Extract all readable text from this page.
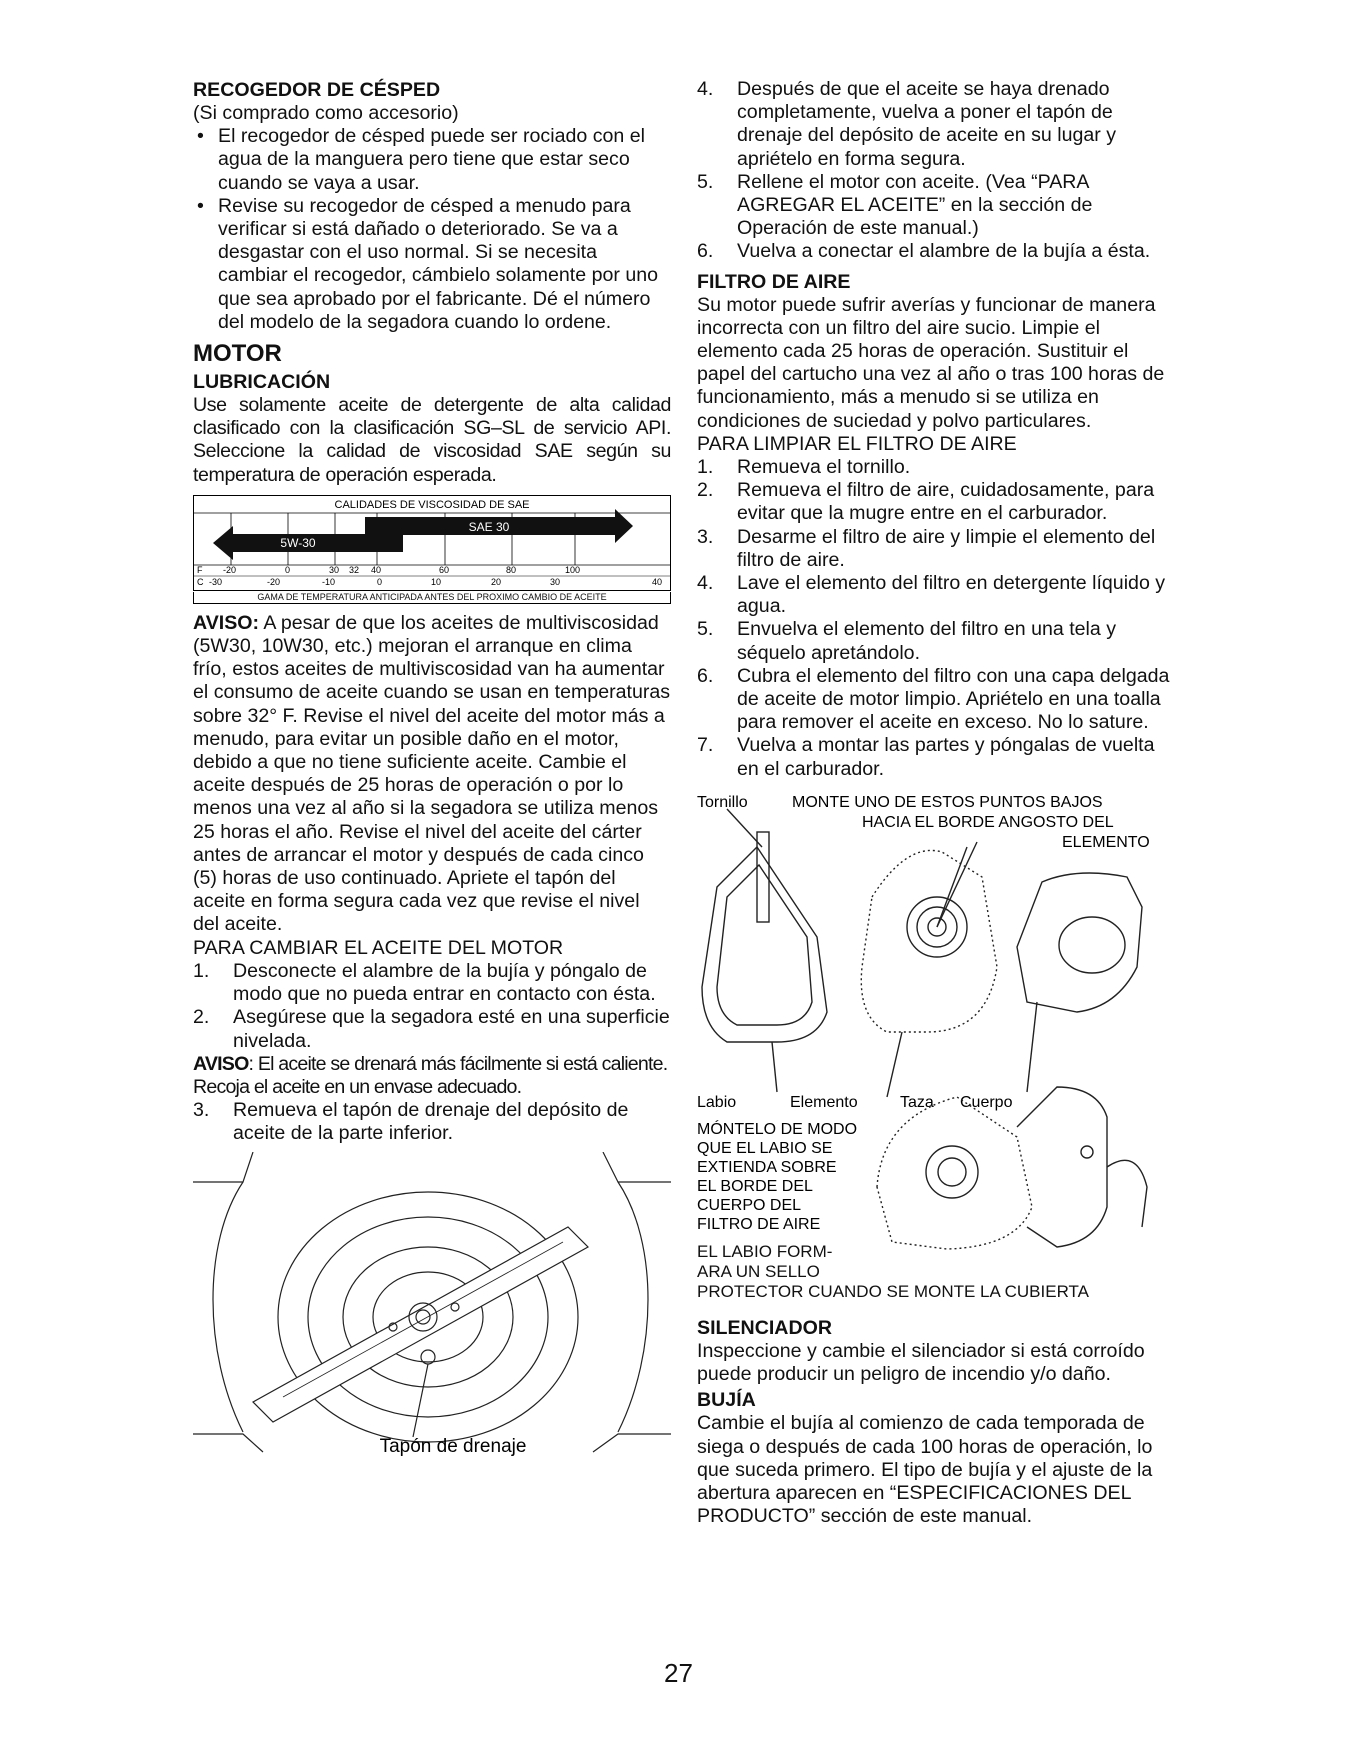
RECOGEDOR DE CÉSPED

(Si comprado como accesorio)

• El recogedor de césped puede ser rociado con el agua de la manguera pero tiene que estar seco cuando se vaya a usar.
• Revise su recogedor de césped a menudo para verificar si está dañado o deteriorado. Se va a desgastar con el uso normal. Si se necesita cambiar el recogedor, cámbielo solamente por uno que sea aprobado por el fabricante. Dé el número del modelo de la segadora cuando lo ordene.

MOTOR

LUBRICACIÓN

Use solamente aceite de detergente de alta calidad clasificado con la clasificación SG–SL de servicio API. Seleccione la calidad de viscosidad SAE según su temperatura de operación esperada.

CALIDADES DE VISCOSIDAD DE SAE
SAE 30
5W-30
F -20	0	30 32 40	60	80	100
C -30	-20	-10	0	10	20	30	40
GAMA DE TEMPERATURA ANTICIPADA ANTES DEL PROXIMO CAMBIO DE ACEITE

AVISO: A pesar de que los aceites de multiviscosidad (5W30, 10W30, etc.) mejoran el arranque en clima frío, estos aceites de multiviscosidad van ha aumentar el consumo de aceite cuando se usan en temperaturas sobre 32° F. Revise el nivel del aceite del motor más a menudo, para evitar un posible daño en el motor, debido a que no tiene suficiente aceite. Cambie el aceite después de 25 horas de operación o por lo menos una vez al año si la segadora se utiliza menos 25 horas el año. Revise el nivel del aceite del cárter antes de arrancar el motor y después de cada cinco (5) horas de uso continuado. Apriete el tapón del aceite en forma segura cada vez que revise el nivel del aceite.

PARA CAMBIAR EL ACEITE DEL MOTOR

1. Desconecte el alambre de la bujía y póngalo de modo que no pueda entrar en contacto con ésta.
2. Asegúrese que la segadora esté en una superficie nivelada.

AVISO: El aceite se drenará más fácilmente si está caliente. Recoja el aceite en un envase adecuado.

3. Remueva el tapón de drenaje del depósito de aceite de la parte inferior.
Tapón de drenaje
4. Después de que el aceite se haya drenado completamente, vuelva a poner el tapón de drenaje del depósito de aceite en su lugar y apriételo en forma segura.
5. Rellene el motor con aceite. (Vea “PARA AGREGAR EL ACEITE” en la sección de Operación de este manual.)
6. Vuelva a conectar el alambre de la bujía a ésta.

FILTRO DE AIRE

Su motor puede sufrir averías y funcionar de manera incorrecta con un filtro del aire sucio. Limpie el elemento cada 25 horas de operación. Sustituir el papel del cartucho una vez al año o tras 100 horas de funcionamiento, más a menudo si se utiliza en condiciones de suciedad y polvo particulares.

PARA LIMPIAR EL FILTRO DE AIRE

1. Remueva el tornillo.
2. Remueva el filtro de aire, cuidadosamente, para evitar que la mugre entre en el carburador.
3. Desarme el filtro de aire y limpie el elemento del filtro de aire.
4. Lave el elemento del filtro en detergente líquido y agua.
5. Envuelva el elemento del filtro en una tela y séquelo apretándolo.
6. Cubra el elemento del filtro con una capa delgada de aceite de motor limpio. Apriételo en una toalla para remover el aceite en exceso. No lo sature.
7. Vuelva a montar las partes y póngalas de vuelta en el carburador.
Tornillo	MONTE UNO DE ESTOS PUNTOS BAJOS
HACIA EL BORDE ANGOSTO DEL
ELEMENTO
Labio	Elemento	Taza Cuerpo
MÓNTELO DE MODO
QUE EL LABIO SE
EXTIENDA SOBRE
EL BORDE DEL
CUERPO DEL
FILTRO DE AIRE
EL LABIO FORM-
ARA UN SELLO
PROTECTOR CUANDO SE MONTE LA CUBIERTA

SILENCIADOR

Inspeccione y cambie el silenciador si está corroído puede producir un peligro de incendio y/o daño.

BUJÍA

Cambie el bujía al comienzo de cada temporada de siega o después de cada 100 horas de operación, lo que suceda primero. El tipo de bujía y el ajuste de la abertura aparecen en “ESPECIFICACIONES DEL PRODUCTO” sección de este manual.

27
